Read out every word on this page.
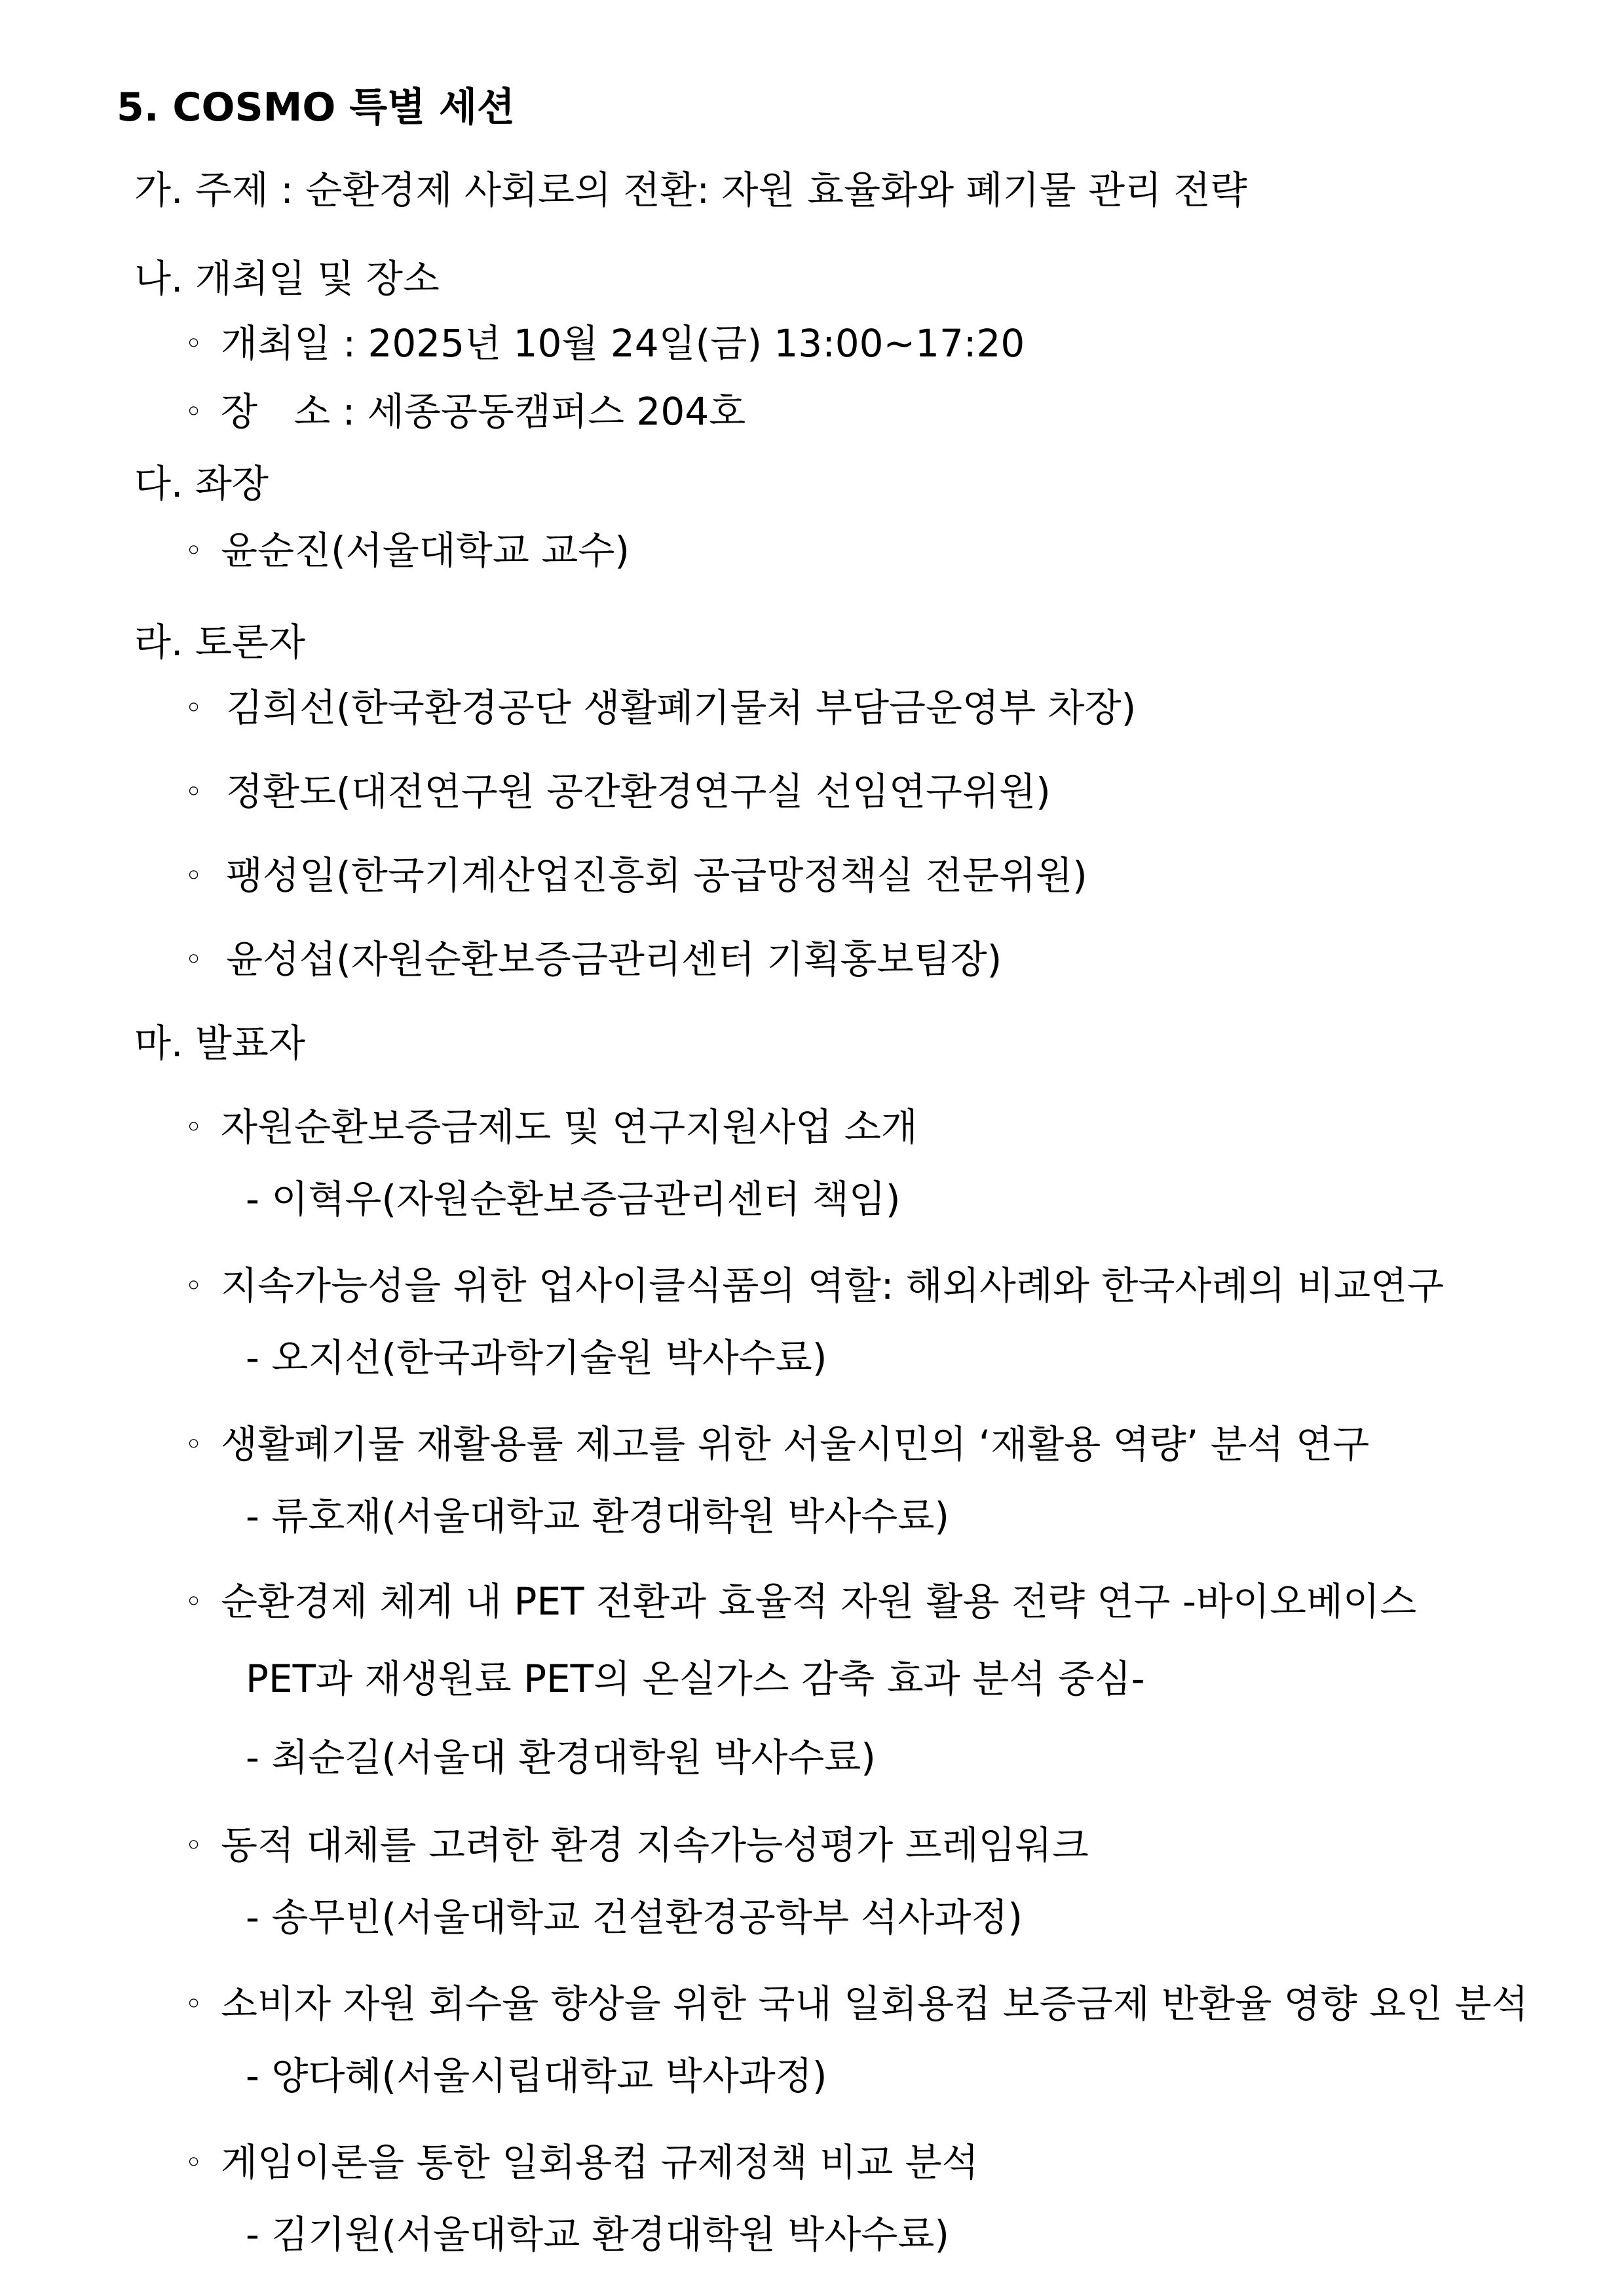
5. COSMO 특별 세션
가. 주제 : 순환경제 사회로의 전환: 자원 효율화와 폐기물 관리 전략
나. 개최일 및 장소
◦ 개최일 : 2025년 10월 24일(금) 13:00~17:20
◦ 장   소 : 세종공동캠퍼스 204호
다. 좌장
◦ 윤순진(서울대학교 교수)
라. 토론자
◦ 김희선(한국환경공단 생활폐기물처 부담금운영부 차장)
◦ 정환도(대전연구원 공간환경연구실 선임연구위원)
◦ 팽성일(한국기계산업진흥회 공급망정책실 전문위원)
◦ 윤성섭(자원순환보증금관리센터 기획홍보팀장)
마. 발표자
◦ 자원순환보증금제도 및 연구지원사업 소개
- 이혁우(자원순환보증금관리센터 책임)
◦ 지속가능성을 위한 업사이클식품의 역할: 해외사례와 한국사례의 비교연구
- 오지선(한국과학기술원 박사수료)
◦ 생활폐기물 재활용률 제고를 위한 서울시민의 ‘재활용 역량’ 분석 연구
- 류호재(서울대학교 환경대학원 박사수료)
◦ 순환경제 체계 내 PET 전환과 효율적 자원 활용 전략 연구 -바이오베이스
PET과 재생원료 PET의 온실가스 감축 효과 분석 중심-
- 최순길(서울대 환경대학원 박사수료)
◦ 동적 대체를 고려한 환경 지속가능성평가 프레임워크
- 송무빈(서울대학교 건설환경공학부 석사과정)
◦ 소비자 자원 회수율 향상을 위한 국내 일회용컵 보증금제 반환율 영향 요인 분석
- 양다혜(서울시립대학교 박사과정)
◦ 게임이론을 통한 일회용컵 규제정책 비교 분석
- 김기원(서울대학교 환경대학원 박사수료)
